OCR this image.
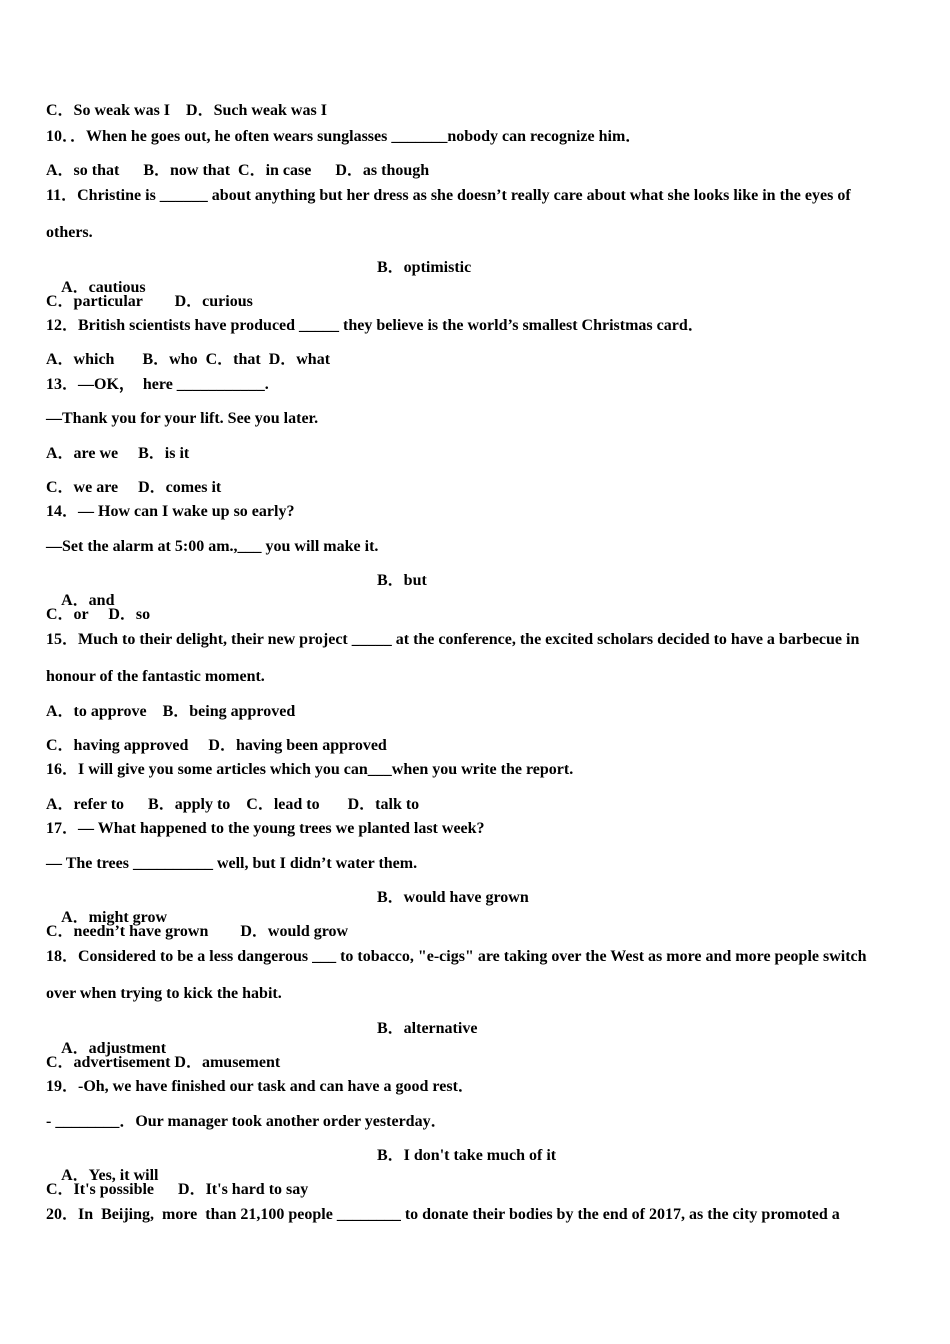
C．So weak was I    D．Such weak was I
10．．When he goes out, he often wears sunglasses _______nobody can recognize him．
A．so that      B．now that  C．in case      D．as though
11．Christine is ______ about anything but her dress as she doesn’t really care about what she looks like in the eyes of
others.

A．cautious

B．optimistic

C．particular        D．curious
12．British scientists have produced _____ they believe is the world’s smallest Christmas card．
A．which       B．who  C．that  D．what
13．—OK，  here ___________.
—Thank you for your lift. See you later.
A．are we     B．is it
C．we are     D．comes it
14．— How can I wake up so early?
—Set the alarm at 5:00 am.,___ you will make it.

A．and

B．but

C．or     D．so
15．Much to their delight, their new project _____ at the conference, the excited scholars decided to have a barbecue in
honour of the fantastic moment.
A．to approve    B．being approved
C．having approved     D．having been approved
16．I will give you some articles which you can___when you write the report.
A．refer to      B．apply to    C．lead to       D．talk to
17．— What happened to the young trees we planted last week?
— The trees __________ well, but I didn’t water them.

A．might grow

B．would have grown

C．needn’t have grown        D．would grow
18．Considered to be a less dangerous ___ to tobacco, "e-cigs" are taking over the West as more and more people switch
over when trying to kick the habit.

A．adjustment

B．alternative

C．advertisement D．amusement
19．-Oh, we have finished our task and can have a good rest．
- ________．Our manager took another order yesterday．

A．Yes, it will

B．I don't take much of it

C．It's possible      D．It's hard to say
20．In  Beijing,  more  than 21,100 people ________ to donate their bodies by the end of 2017, as the city promoted a
